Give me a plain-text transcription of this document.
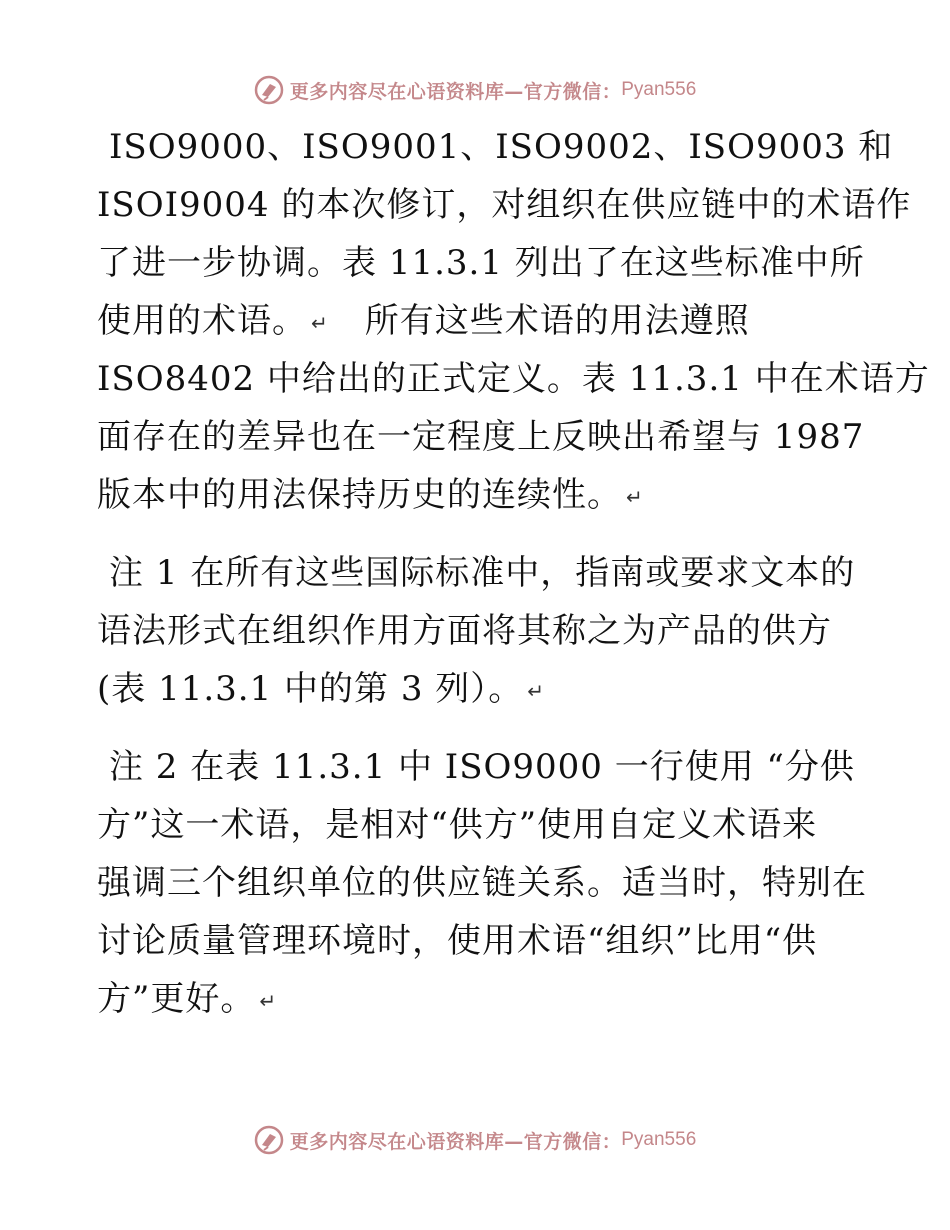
更多内容尽在心语资料库—官方微信： Pyan556
ISO9000、ISO9001、ISO9002、ISO9003 和
ISOI9004 的本次修订，对组织在供应链中的术语作
了进一步协调。表 11.3.1 列出了在这些标准中所
使用的术语。 ↵ 所有这些术语的用法遵照
ISO8402 中给出的正式定义。表 11.3.1 中在术语方
面存在的差异也在一定程度上反映出希望与 1987
版本中的用法保持历史的连续性。 ↵
注 1 在所有这些国际标准中，指南或要求文本的
语法形式在组织作用方面将其称之为产品的供方
(表 11.3.1 中的第 3 列）。 ↵
注 2 在表 11.3.1 中 ISO9000 一行使用 “分供
方”这一术语，是相对“供方”使用自定义术语来
强调三个组织单位的供应链关系。适当时，特别在
讨论质量管理环境时，使用术语“组织”比用“供
方”更好。 ↵
更多内容尽在心语资料库—官方微信： Pyan556
